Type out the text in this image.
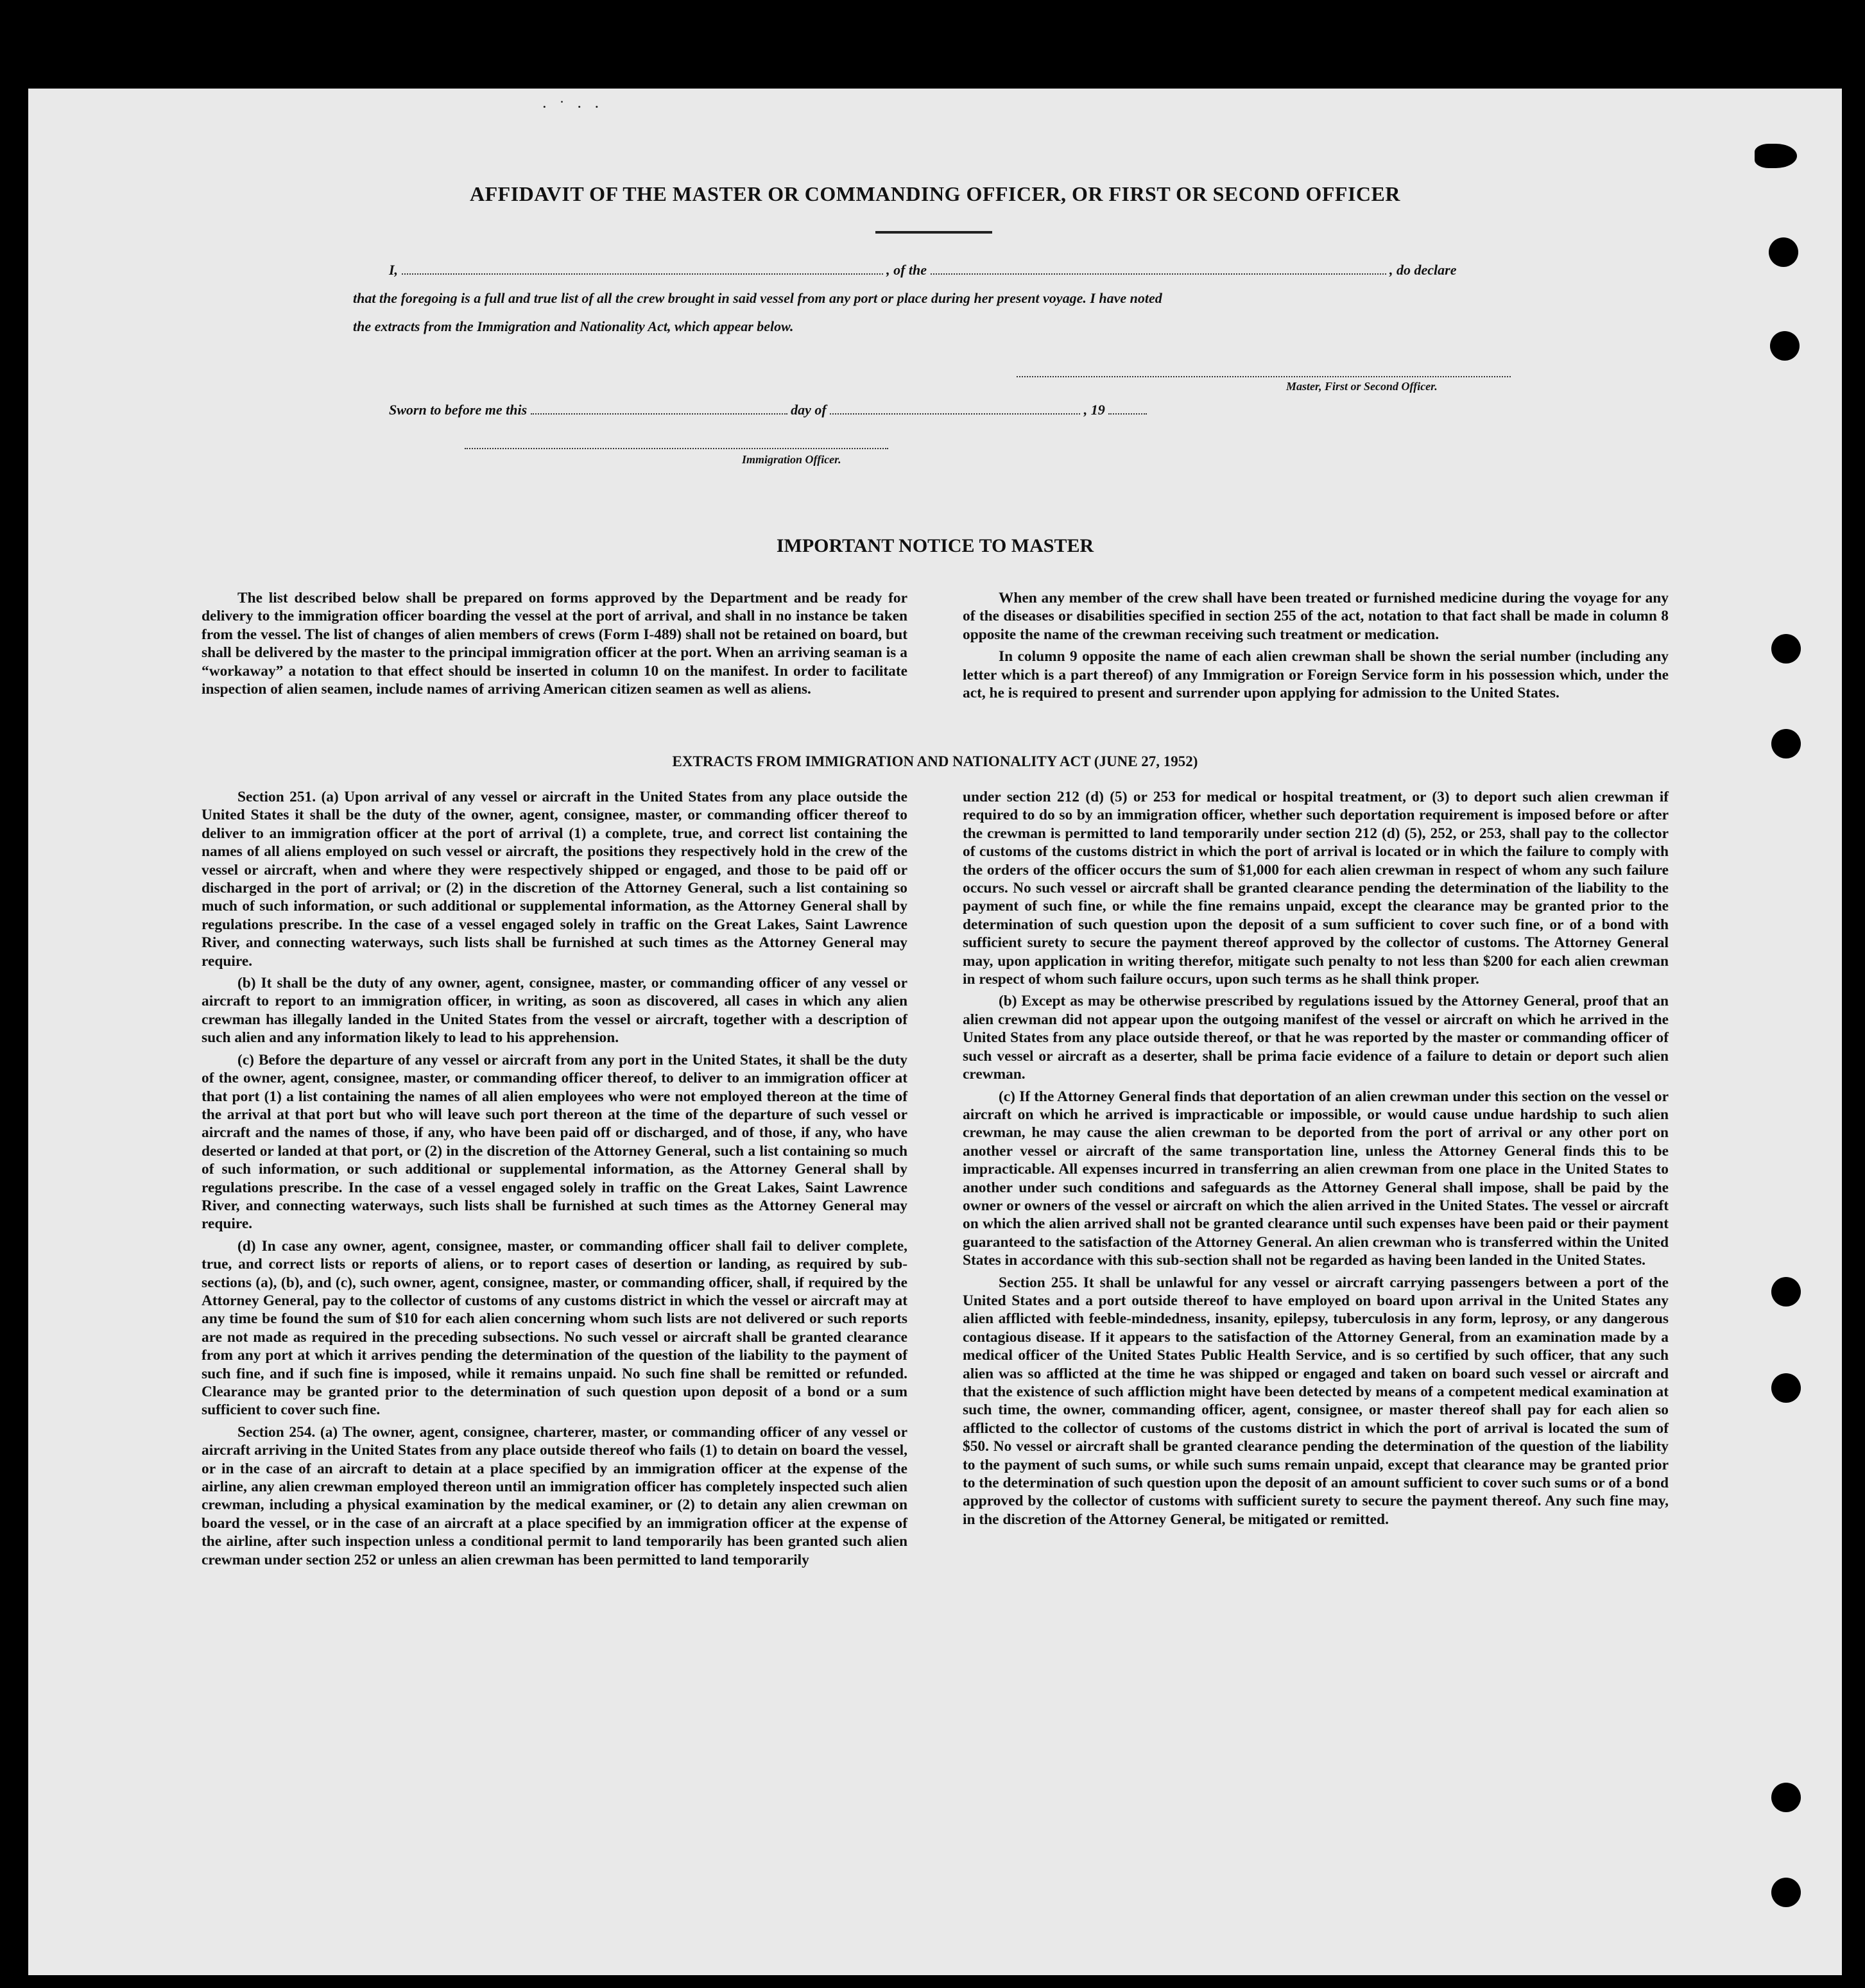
· ˙ · ·
AFFIDAVIT OF THE MASTER OR COMMANDING OFFICER, OR FIRST OR SECOND OFFICER
I,	, of the	, do declare
that the foregoing is a full and true list of all the crew brought in said vessel from any port or place during her present voyage. I have noted
the extracts from the Immigration and Nationality Act, which appear below.
Master, First or Second Officer.
Sworn to before me this	day of	, 19
Immigration Officer.
IMPORTANT NOTICE TO MASTER

The list described below shall be prepared on forms approved by the Department and be ready for delivery to the immigration officer boarding the vessel at the port of arrival, and shall in no instance be taken from the vessel. The list of changes of alien members of crews (Form I-489) shall not be retained on board, but shall be delivered by the master to the principal immigration officer at the port. When an arriving seaman is a “workaway” a notation to that effect should be inserted in column 10 on the manifest. In order to facilitate inspection of alien seamen, include names of arriving American citizen seamen as well as aliens.

When any member of the crew shall have been treated or furnished medicine during the voyage for any of the diseases or disabilities specified in section 255 of the act, notation to that fact shall be made in column 8 opposite the name of the crewman receiving such treatment or medication.

In column 9 opposite the name of each alien crewman shall be shown the serial number (including any letter which is a part thereof) of any Immigration or Foreign Service form in his possession which, under the act, he is required to present and surrender upon applying for admission to the United States.

EXTRACTS FROM IMMIGRATION AND NATIONALITY ACT (JUNE 27, 1952)

Section 251. (a) Upon arrival of any vessel or aircraft in the United States from any place outside the United States it shall be the duty of the owner, agent, consignee, master, or commanding officer thereof to deliver to an immigration officer at the port of arrival (1) a complete, true, and correct list containing the names of all aliens employed on such vessel or aircraft, the positions they respectively hold in the crew of the vessel or aircraft, when and where they were respectively shipped or engaged, and those to be paid off or discharged in the port of arrival; or (2) in the discretion of the Attorney General, such a list containing so much of such information, or such additional or supplemental information, as the Attorney General shall by regulations prescribe. In the case of a vessel engaged solely in traffic on the Great Lakes, Saint Lawrence River, and connecting waterways, such lists shall be furnished at such times as the Attorney General may require.

(b) It shall be the duty of any owner, agent, consignee, master, or commanding officer of any vessel or aircraft to report to an immigration officer, in writing, as soon as discovered, all cases in which any alien crewman has illegally landed in the United States from the vessel or aircraft, together with a description of such alien and any information likely to lead to his apprehension.

(c) Before the departure of any vessel or aircraft from any port in the United States, it shall be the duty of the owner, agent, consignee, master, or commanding officer thereof, to deliver to an immigration officer at that port (1) a list containing the names of all alien employees who were not employed thereon at the time of the arrival at that port but who will leave such port thereon at the time of the departure of such vessel or aircraft and the names of those, if any, who have been paid off or discharged, and of those, if any, who have deserted or landed at that port, or (2) in the discretion of the Attorney General, such a list containing so much of such information, or such additional or supplemental information, as the Attorney General shall by regulations prescribe. In the case of a vessel engaged solely in traffic on the Great Lakes, Saint Lawrence River, and connecting waterways, such lists shall be furnished at such times as the Attorney General may require.

(d) In case any owner, agent, consignee, master, or commanding officer shall fail to deliver complete, true, and correct lists or reports of aliens, or to report cases of desertion or landing, as required by sub-sections (a), (b), and (c), such owner, agent, consignee, master, or commanding officer, shall, if required by the Attorney General, pay to the collector of customs of any customs district in which the vessel or aircraft may at any time be found the sum of $10 for each alien concerning whom such lists are not delivered or such reports are not made as required in the preceding subsections. No such vessel or aircraft shall be granted clearance from any port at which it arrives pending the determination of the question of the liability to the payment of such fine, and if such fine is imposed, while it remains unpaid. No such fine shall be remitted or refunded. Clearance may be granted prior to the determination of such question upon deposit of a bond or a sum sufficient to cover such fine.

Section 254. (a) The owner, agent, consignee, charterer, master, or commanding officer of any vessel or aircraft arriving in the United States from any place outside thereof who fails (1) to detain on board the vessel, or in the case of an aircraft to detain at a place specified by an immigration officer at the expense of the airline, any alien crewman employed thereon until an immigration officer has completely inspected such alien crewman, including a physical examination by the medical examiner, or (2) to detain any alien crewman on board the vessel, or in the case of an aircraft at a place specified by an immigration officer at the expense of the airline, after such inspection unless a conditional permit to land temporarily has been granted such alien crewman under section 252 or unless an alien crewman has been permitted to land temporarily

under section 212 (d) (5) or 253 for medical or hospital treatment, or (3) to deport such alien crewman if required to do so by an immigration officer, whether such deportation requirement is imposed before or after the crewman is permitted to land temporarily under section 212 (d) (5), 252, or 253, shall pay to the collector of customs of the customs district in which the port of arrival is located or in which the failure to comply with the orders of the officer occurs the sum of $1,000 for each alien crewman in respect of whom any such failure occurs. No such vessel or aircraft shall be granted clearance pending the determination of the liability to the payment of such fine, or while the fine remains unpaid, except the clearance may be granted prior to the determination of such question upon the deposit of a sum sufficient to cover such fine, or of a bond with sufficient surety to secure the payment thereof approved by the collector of customs. The Attorney General may, upon application in writing therefor, mitigate such penalty to not less than $200 for each alien crewman in respect of whom such failure occurs, upon such terms as he shall think proper.

(b) Except as may be otherwise prescribed by regulations issued by the Attorney General, proof that an alien crewman did not appear upon the outgoing manifest of the vessel or aircraft on which he arrived in the United States from any place outside thereof, or that he was reported by the master or commanding officer of such vessel or aircraft as a deserter, shall be prima facie evidence of a failure to detain or deport such alien crewman.

(c) If the Attorney General finds that deportation of an alien crewman under this section on the vessel or aircraft on which he arrived is impracticable or impossible, or would cause undue hardship to such alien crewman, he may cause the alien crewman to be deported from the port of arrival or any other port on another vessel or aircraft of the same transportation line, unless the Attorney General finds this to be impracticable. All expenses incurred in transferring an alien crewman from one place in the United States to another under such conditions and safeguards as the Attorney General shall impose, shall be paid by the owner or owners of the vessel or aircraft on which the alien arrived in the United States. The vessel or aircraft on which the alien arrived shall not be granted clearance until such expenses have been paid or their payment guaranteed to the satisfaction of the Attorney General. An alien crewman who is transferred within the United States in accordance with this sub-section shall not be regarded as having been landed in the United States.

Section 255. It shall be unlawful for any vessel or aircraft carrying passengers between a port of the United States and a port outside thereof to have employed on board upon arrival in the United States any alien afflicted with feeble-mindedness, insanity, epilepsy, tuberculosis in any form, leprosy, or any dangerous contagious disease. If it appears to the satisfaction of the Attorney General, from an examination made by a medical officer of the United States Public Health Service, and is so certified by such officer, that any such alien was so afflicted at the time he was shipped or engaged and taken on board such vessel or aircraft and that the existence of such affliction might have been detected by means of a competent medical examination at such time, the owner, commanding officer, agent, consignee, or master thereof shall pay for each alien so afflicted to the collector of customs of the customs district in which the port of arrival is located the sum of $50. No vessel or aircraft shall be granted clearance pending the determination of the question of the liability to the payment of such sums, or while such sums remain unpaid, except that clearance may be granted prior to the determination of such question upon the deposit of an amount sufficient to cover such sums or of a bond approved by the collector of customs with sufficient surety to secure the payment thereof. Any such fine may, in the discretion of the Attorney General, be mitigated or remitted.
